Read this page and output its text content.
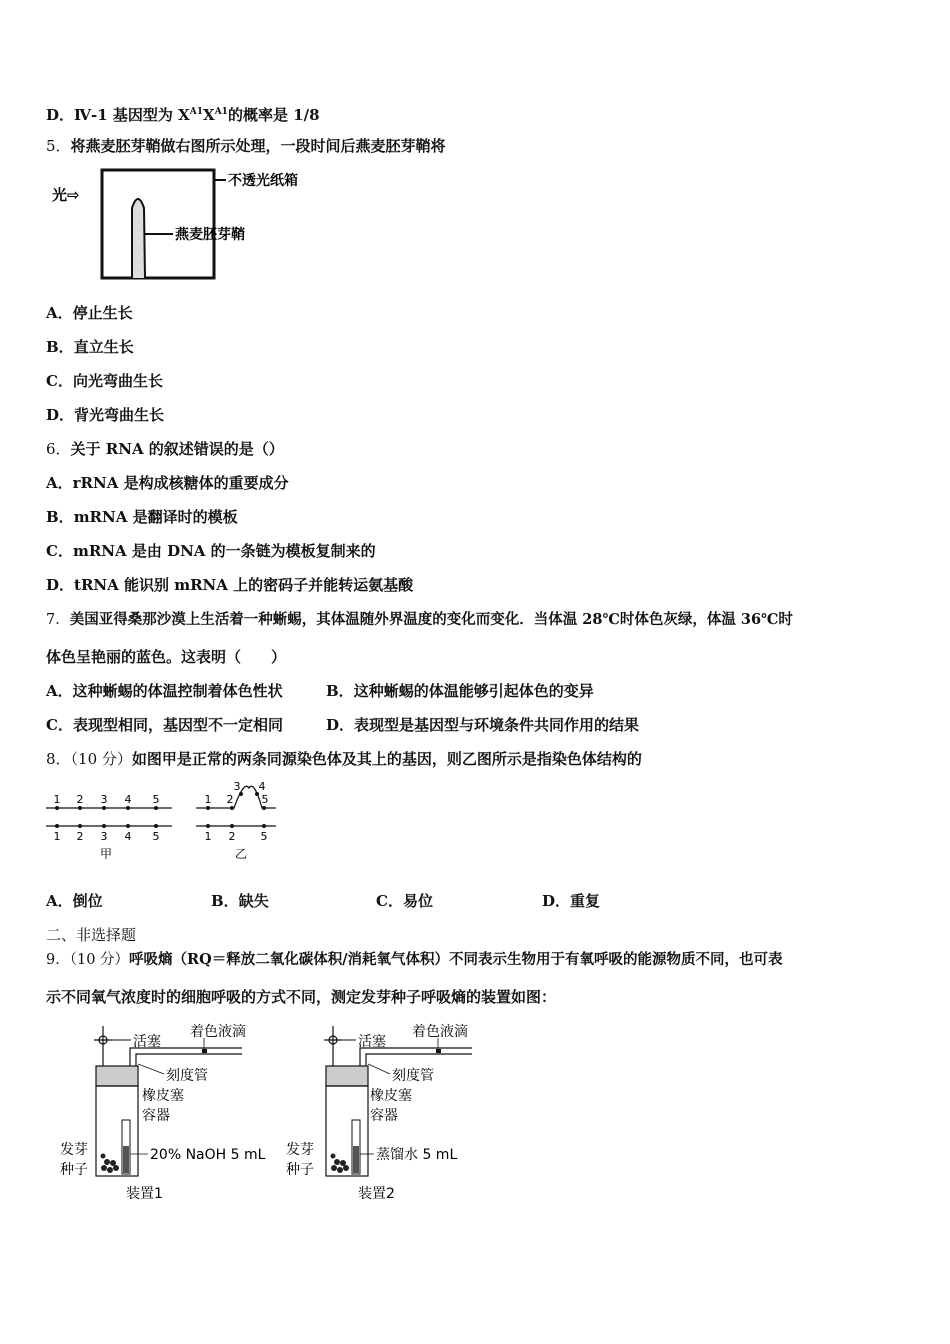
D．Ⅳ-1 基因型为 $X^{A1}X^{A1}$的概率是 1/8
5．将燕麦胚芽鞘做右图所示处理，一段时间后燕麦胚芽鞘将
光⇨
不透光纸箱
燕麦胚芽鞘
A．停止生长
B．直立生长
C．向光弯曲生长
D．背光弯曲生长
6．关于 RNA 的叙述错误的是（）
A．rRNA 是构成核糖体的重要成分
B．mRNA 是翻译时的模板
C．mRNA 是由 DNA 的一条链为模板复制来的
D．tRNA 能识别 mRNA 上的密码子并能转运氨基酸
7．美国亚得桑那沙漠上生活着一种蜥蜴，其体温随外界温度的变化而变化．当体温 28℃时体色灰绿，体温 36℃时
体色呈艳丽的蓝色。这表明（　　）
A．这种蜥蜴的体温控制着体色性状	B．这种蜥蜴的体温能够引起体色的变异
C．表现型相同，基因型不一定相同	D．表现型是基因型与环境条件共同作用的结果
8．（10 分）如图甲是正常的两条同源染色体及其上的基因，则乙图所示是指染色体结构的
1 2 3 4 5
1 2 3 4 5
甲
1 2
3 4
5
1 2 5
乙
A．倒位	B．缺失	C．易位	D．重复
二、非选择题
9．（10 分）呼吸熵（RQ＝释放二氧化碳体积/消耗氧气体积）不同表示生物用于有氧呼吸的能源物质不同，也可表
示不同氧气浓度时的细胞呼吸的方式不同，测定发芽种子呼吸熵的装置如图：
活塞
着色液滴
刻度管
橡皮塞
容器
20% NaOH 5 mL
发芽
种子
装置1
活塞
着色液滴
刻度管
橡皮塞
容器
蒸馏水 5 mL
发芽
种子
装置2
